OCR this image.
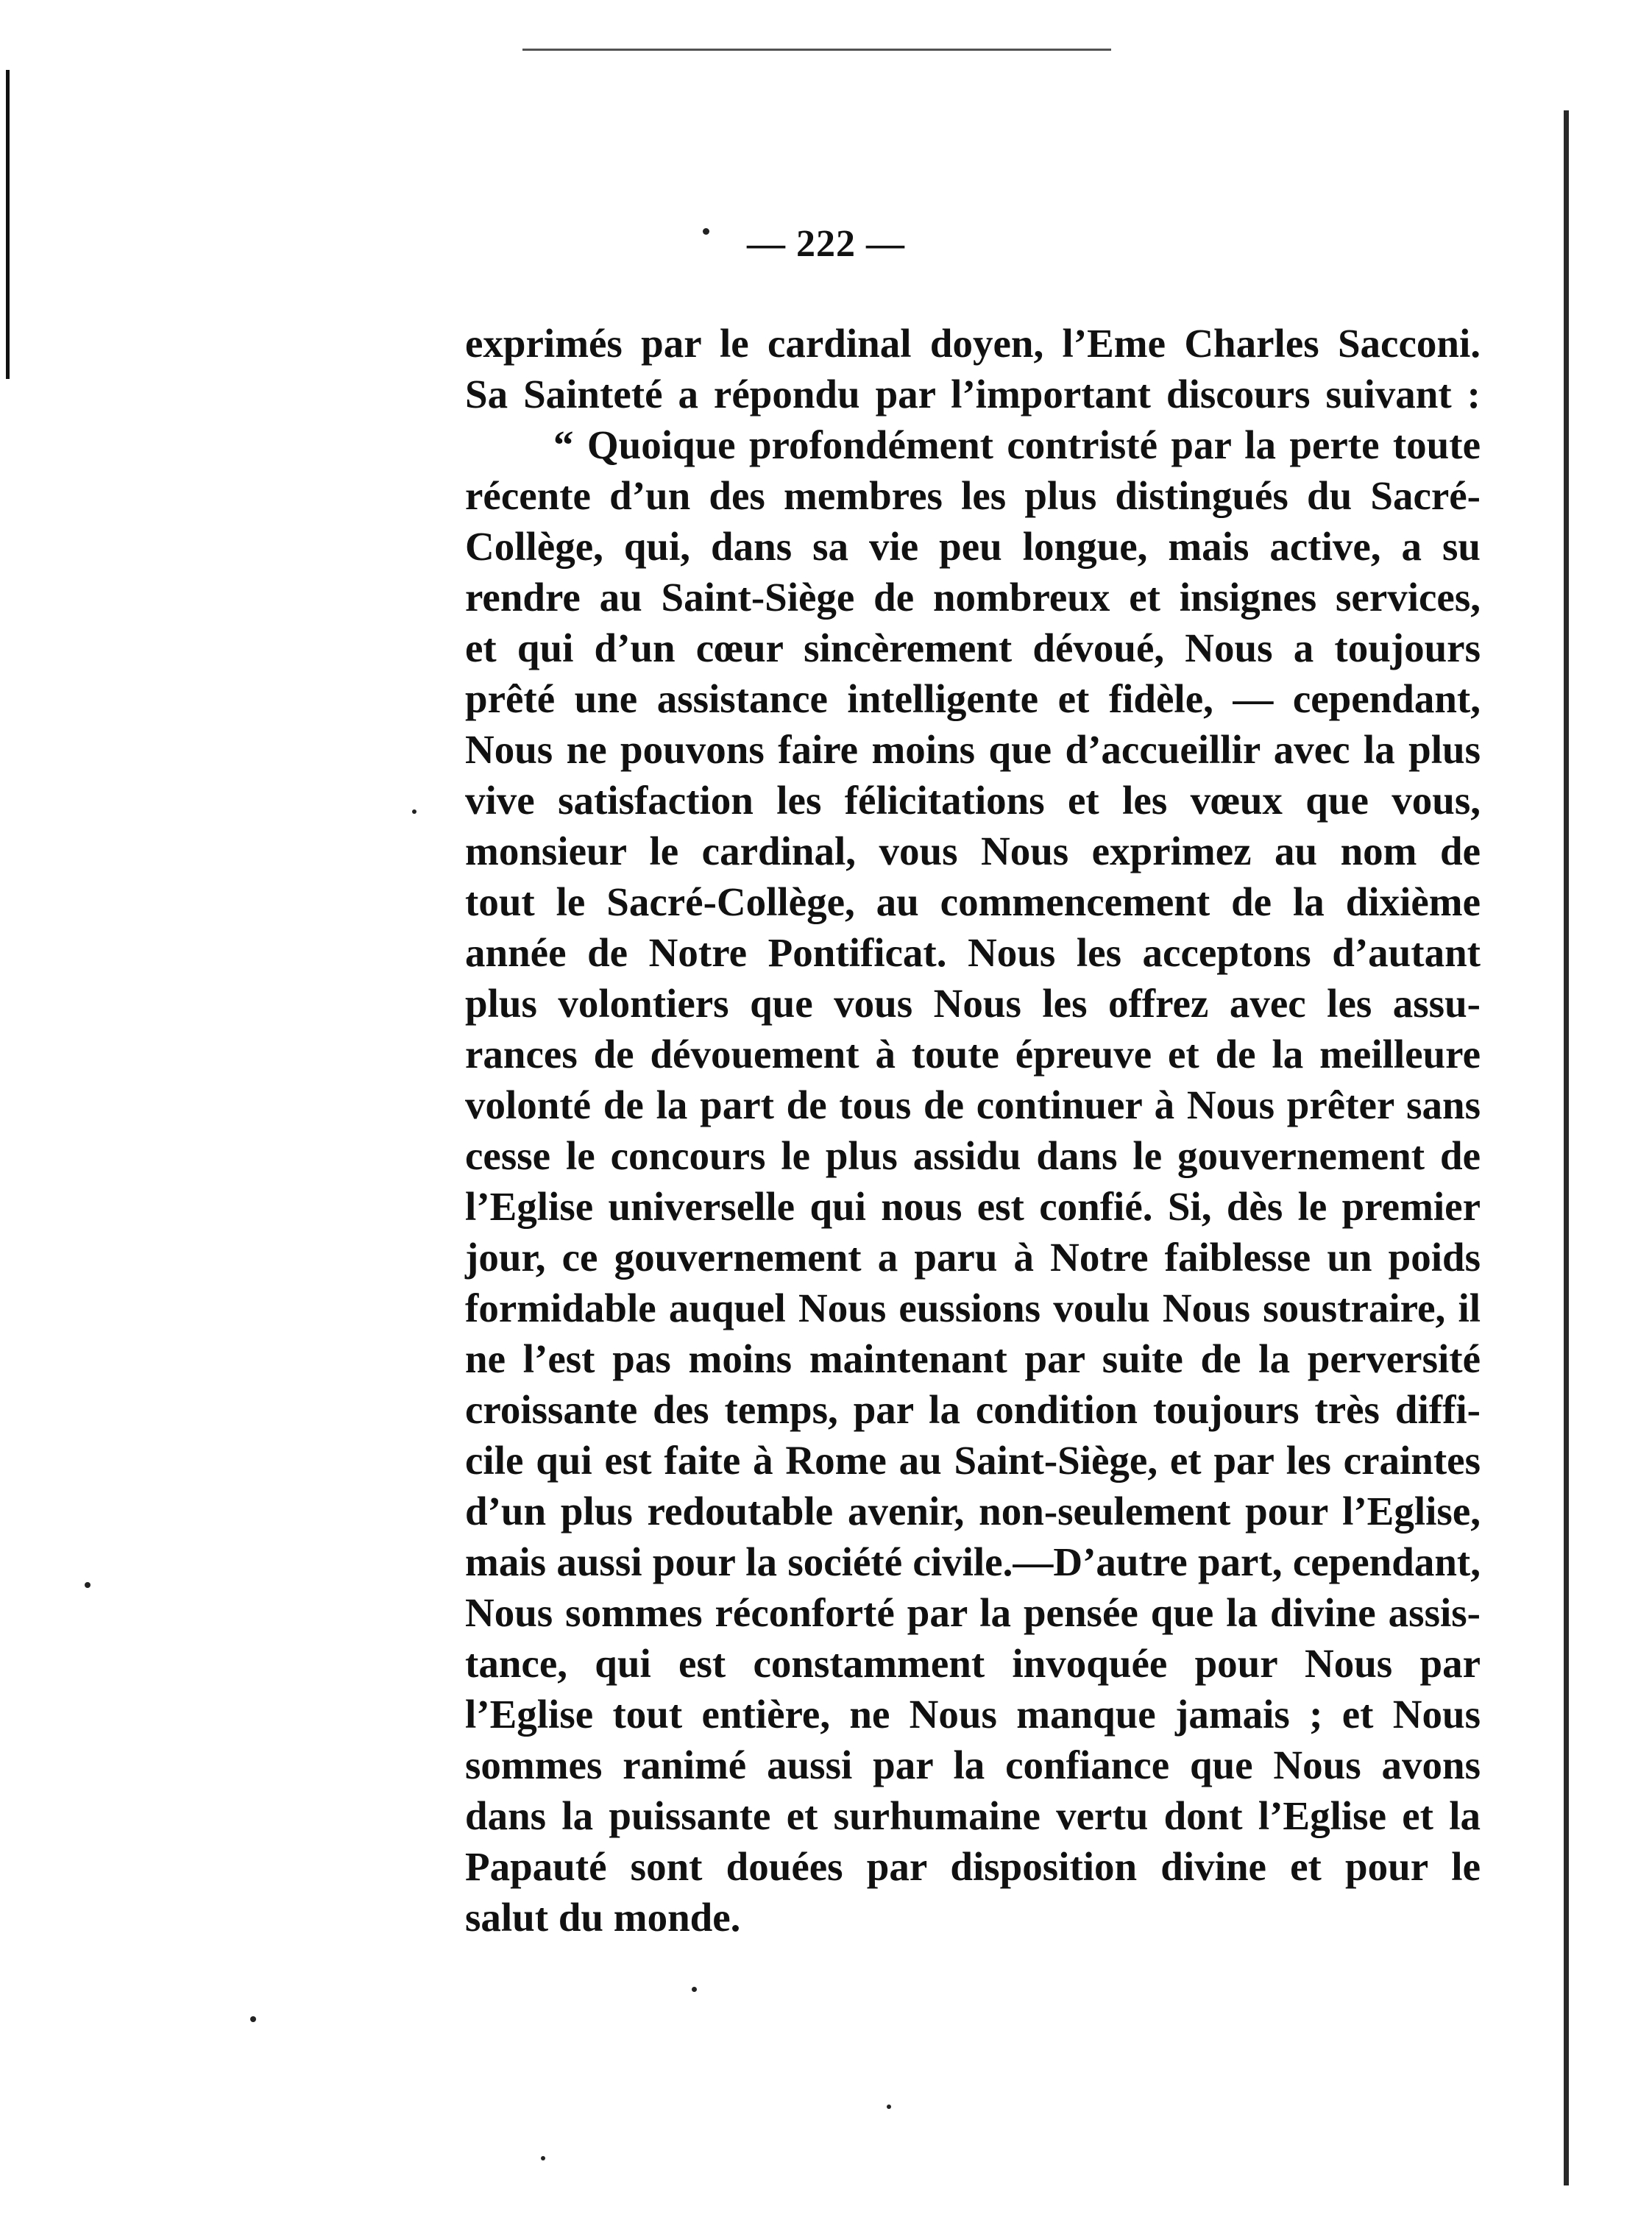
— 222 —
exprimés par le cardinal doyen, l’Eme Charles Sacconi.
Sa Sainteté a répondu par l’important discours suivant :
“ Quoique profondément contristé par la perte toute
récente d’un des membres les plus distingués du Sacré-
Collège, qui, dans sa vie peu longue, mais active, a su
rendre au Saint-Siège de nombreux et insignes services,
et qui d’un cœur sincèrement dévoué, Nous a toujours
prêté une assistance intelligente et fidèle, — cependant,
Nous ne pouvons faire moins que d’accueillir avec la plus
vive satisfaction les félicitations et les vœux que vous,
monsieur le cardinal, vous Nous exprimez au nom de
tout le Sacré-Collège, au commencement de la dixième
année de Notre Pontificat. Nous les acceptons d’autant
plus volontiers que vous Nous les offrez avec les assu-
rances de dévouement à toute épreuve et de la meilleure
volonté de la part de tous de continuer à Nous prêter sans
cesse le concours le plus assidu dans le gouvernement de
l’Eglise universelle qui nous est confié. Si, dès le premier
jour, ce gouvernement a paru à Notre faiblesse un poids
formidable auquel Nous eussions voulu Nous soustraire, il
ne l’est pas moins maintenant par suite de la perversité
croissante des temps, par la condition toujours très diffi-
cile qui est faite à Rome au Saint-Siège, et par les craintes
d’un plus redoutable avenir, non-seulement pour l’Eglise,
mais aussi pour la société civile.—D’autre part, cependant,
Nous sommes réconforté par la pensée que la divine assis-
tance, qui est constamment invoquée pour Nous par
l’Eglise tout entière, ne Nous manque jamais ; et Nous
sommes ranimé aussi par la confiance que Nous avons
dans la puissante et surhumaine vertu dont l’Eglise et la
Papauté sont douées par disposition divine et pour le
salut du monde.
